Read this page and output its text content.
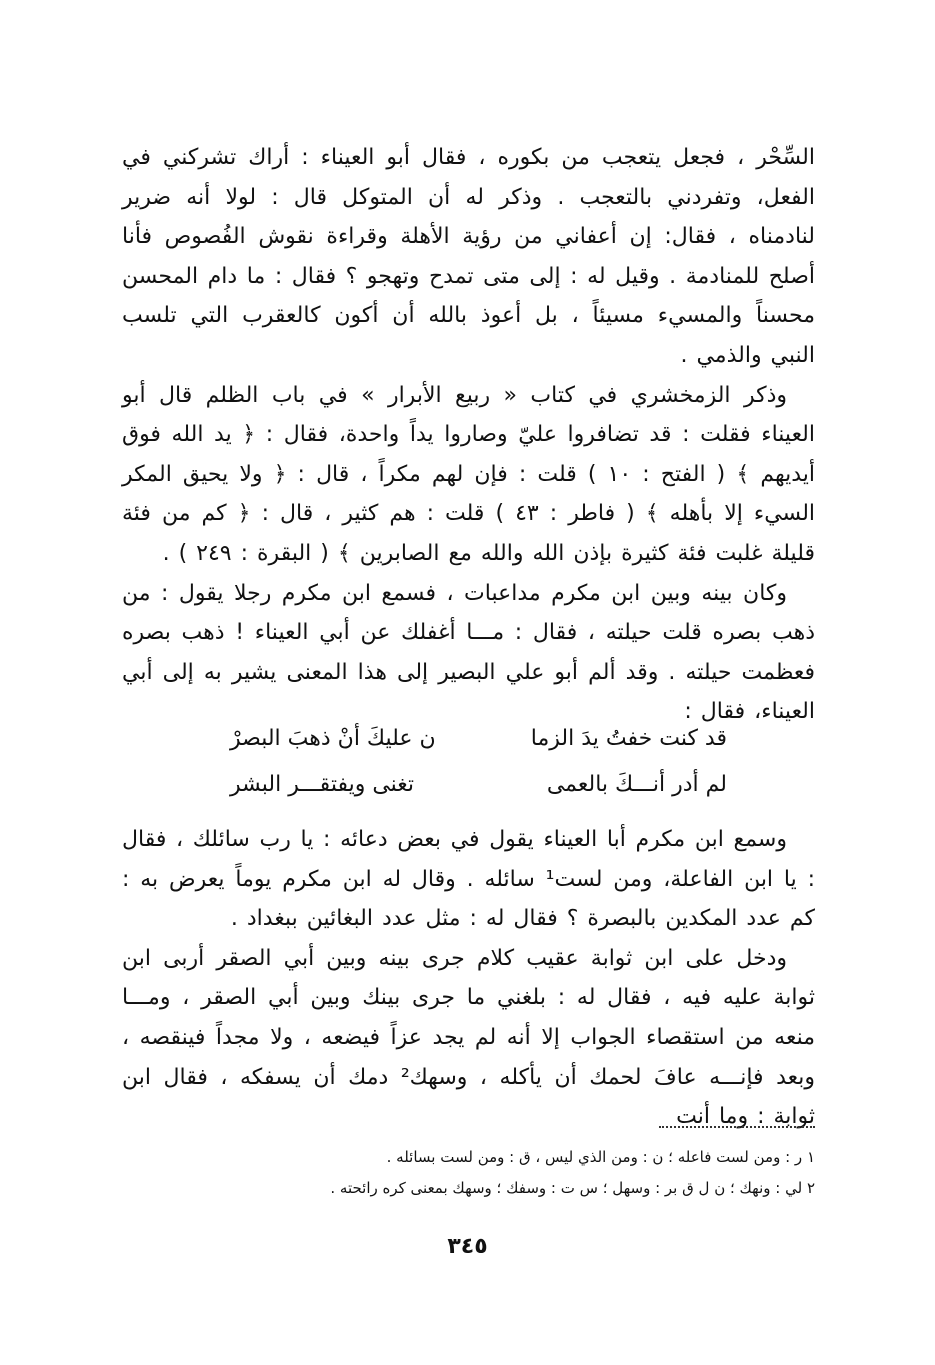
السِّحْر ، فجعل يتعجب من بكوره ، فقال أبو العيناء : أراك تشركني في الفعل، وتفردني بالتعجب . وذكر له أن المتوكل قال : لولا أنه ضرير لنادمناه ، فقال: إن أعفاني من رؤية الأهلة وقراءة نقوش الفُصوص فأنا أصلح للمنادمة . وقيل له : إلى متى تمدح وتهجو ؟ فقال : ما دام المحسن محسناً والمسيء مسيئاً ، بل أعوذ بالله أن أكون كالعقرب التي تلسب النبي والذمي .

وذكر الزمخشري في كتاب « ربيع الأبرار » في باب الظلم قال أبو العيناء فقلت : قد تضافروا عليّ وصاروا يداً واحدة، فقال : ﴿ يد الله فوق أيديهم ﴾ ( الفتح : ١٠ ) قلت : فإن لهم مكراً ، قال : ﴿ ولا يحيق المكر السيء إلا بأهله ﴾ ( فاطر : ٤٣ ) قلت : هم كثير ، قال : ﴿ كم من فئة قليلة غلبت فئة كثيرة بإذن الله والله مع الصابرين ﴾ ( البقرة : ٢٤٩ ) .

وكان بينه وبين ابن مكرم مداعبات ، فسمع ابن مكرم رجلا يقول : من ذهب بصره قلت حيلته ، فقال : مـــا أغفلك عن أبي العيناء ! ذهب بصره فعظمت حيلته . وقد ألم أبو علي البصير إلى هذا المعنى يشير به إلى أبي العيناء، فقال :

قد كنت خفتُ يدَ الزما
ن عليكَ أنْ ذهبَ البصرْ
لم أدر أنـــكَ بالعمى
تغنى ويفتقـــر البشر

وسمع ابن مكرم أبا العيناء يقول في بعض دعائه : يا رب سائلك ، فقال : يا ابن الفاعلة، ومن لست¹ سائله . وقال له ابن مكرم يوماً يعرض به : كم عدد المكدين بالبصرة ؟ فقال له : مثل عدد البغائين ببغداد .

ودخل على ابن ثوابة عقيب كلام جرى بينه وبين أبي الصقر أربى ابن ثوابة عليه فيه ، فقال له : بلغني ما جرى بينك وبين أبي الصقر ، ومـــا منعه من استقصاء الجواب إلا أنه لم يجد عزاً فيضعه ، ولا مجداً فينقصه ، وبعد فإنـــه عافَ لحمك أن يأكله ، وسهك² دمك أن يسفكه ، فقال ابن ثوابة : وما أنت

١ ر : ومن لست فاعله ؛ ن : ومن الذي ليس ، ق : ومن لست بسائله .

٢ لي : ونهك ؛ ن ل ق بر : وسهل ؛ س ت : وسفك ؛ وسهك بمعنى كره رائحته .

٣٤٥
